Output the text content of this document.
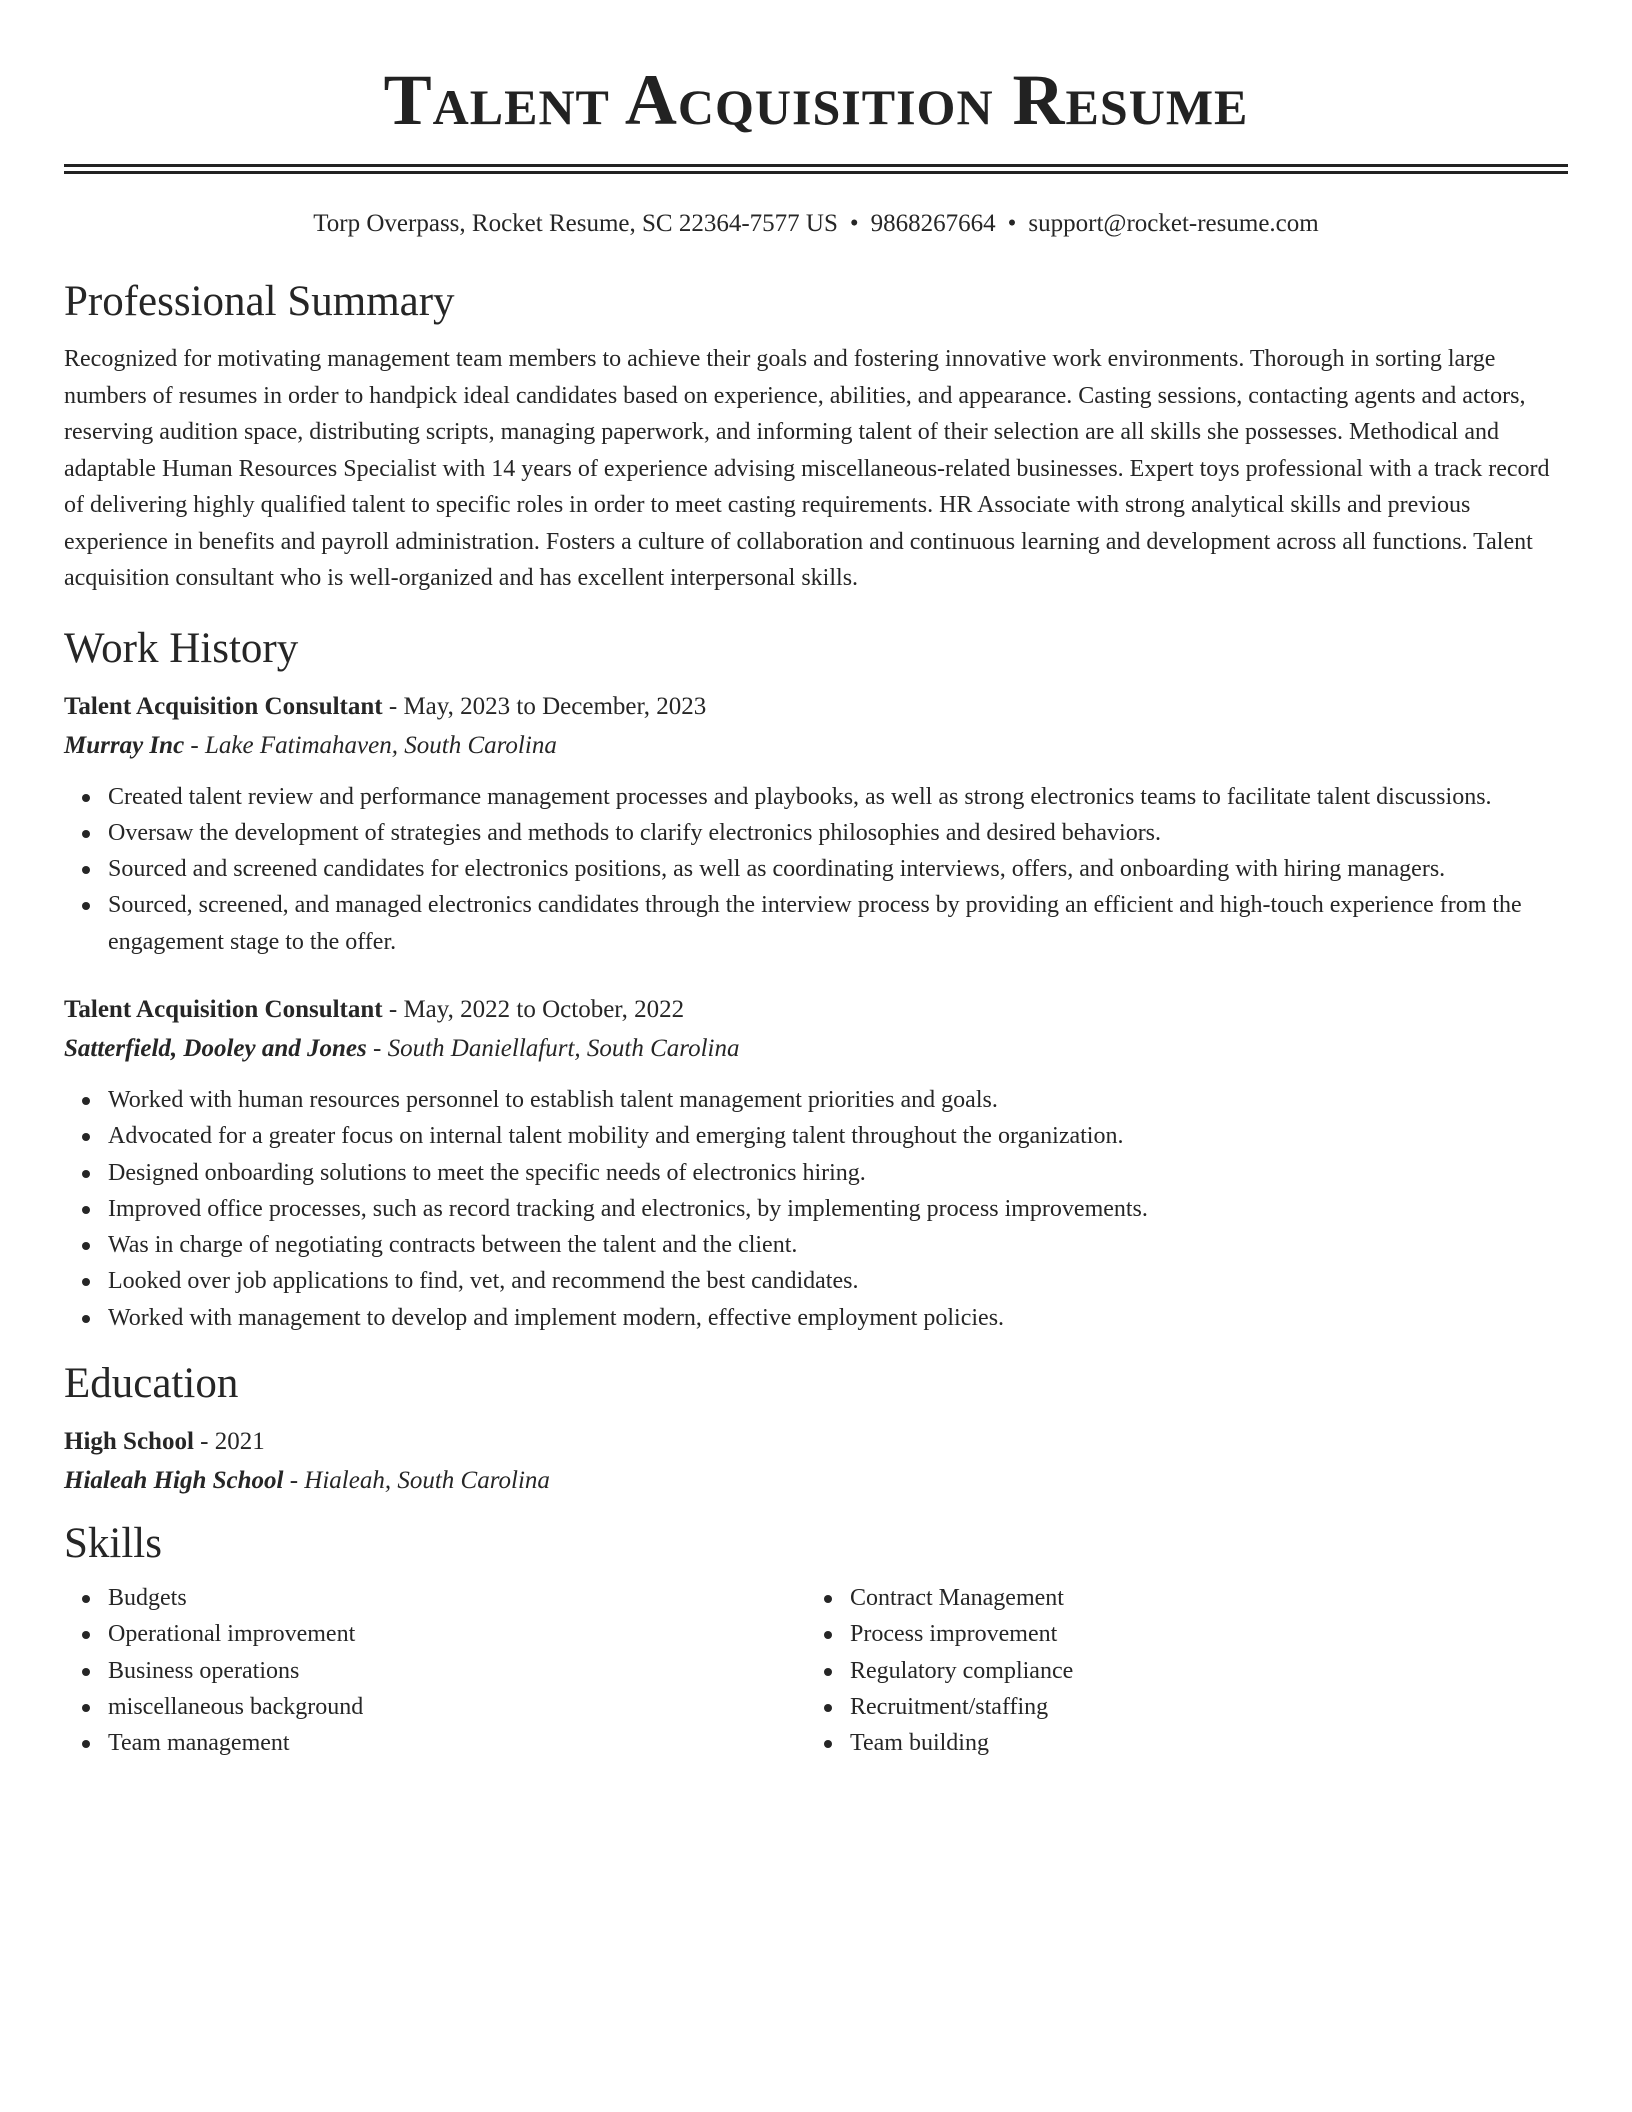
Talent Acquisition Resume
Torp Overpass, Rocket Resume, SC 22364-7577 US • 9868267664 • support@rocket-resume.com
Professional Summary

Recognized for motivating management team members to achieve their goals and fostering innovative work environments. Thorough in sorting large numbers of resumes in order to handpick ideal candidates based on experience, abilities, and appearance. Casting sessions, contacting agents and actors, reserving audition space, distributing scripts, managing paperwork, and informing talent of their selection are all skills she possesses. Methodical and adaptable Human Resources Specialist with 14 years of experience advising miscellaneous-related businesses. Expert toys professional with a track record of delivering highly qualified talent to specific roles in order to meet casting requirements. HR Associate with strong analytical skills and previous experience in benefits and payroll administration. Fosters a culture of collaboration and continuous learning and development across all functions. Talent acquisition consultant who is well-organized and has excellent interpersonal skills.

Work History
Talent Acquisition Consultant - May, 2023 to December, 2023
Murray Inc - Lake Fatimahaven, South Carolina
Created talent review and performance management processes and playbooks, as well as strong electronics teams to facilitate talent discussions.
Oversaw the development of strategies and methods to clarify electronics philosophies and desired behaviors.
Sourced and screened candidates for electronics positions, as well as coordinating interviews, offers, and onboarding with hiring managers.
Sourced, screened, and managed electronics candidates through the interview process by providing an efficient and high-touch experience from the engagement stage to the offer.
Talent Acquisition Consultant - May, 2022 to October, 2022
Satterfield, Dooley and Jones - South Daniellafurt, South Carolina
Worked with human resources personnel to establish talent management priorities and goals.
Advocated for a greater focus on internal talent mobility and emerging talent throughout the organization.
Designed onboarding solutions to meet the specific needs of electronics hiring.
Improved office processes, such as record tracking and electronics, by implementing process improvements.
Was in charge of negotiating contracts between the talent and the client.
Looked over job applications to find, vet, and recommend the best candidates.
Worked with management to develop and implement modern, effective employment policies.
Education
High School - 2021
Hialeah High School - Hialeah, South Carolina
Skills
Budgets
Operational improvement
Business operations
miscellaneous background
Team management
Contract Management
Process improvement
Regulatory compliance
Recruitment/staffing
Team building
